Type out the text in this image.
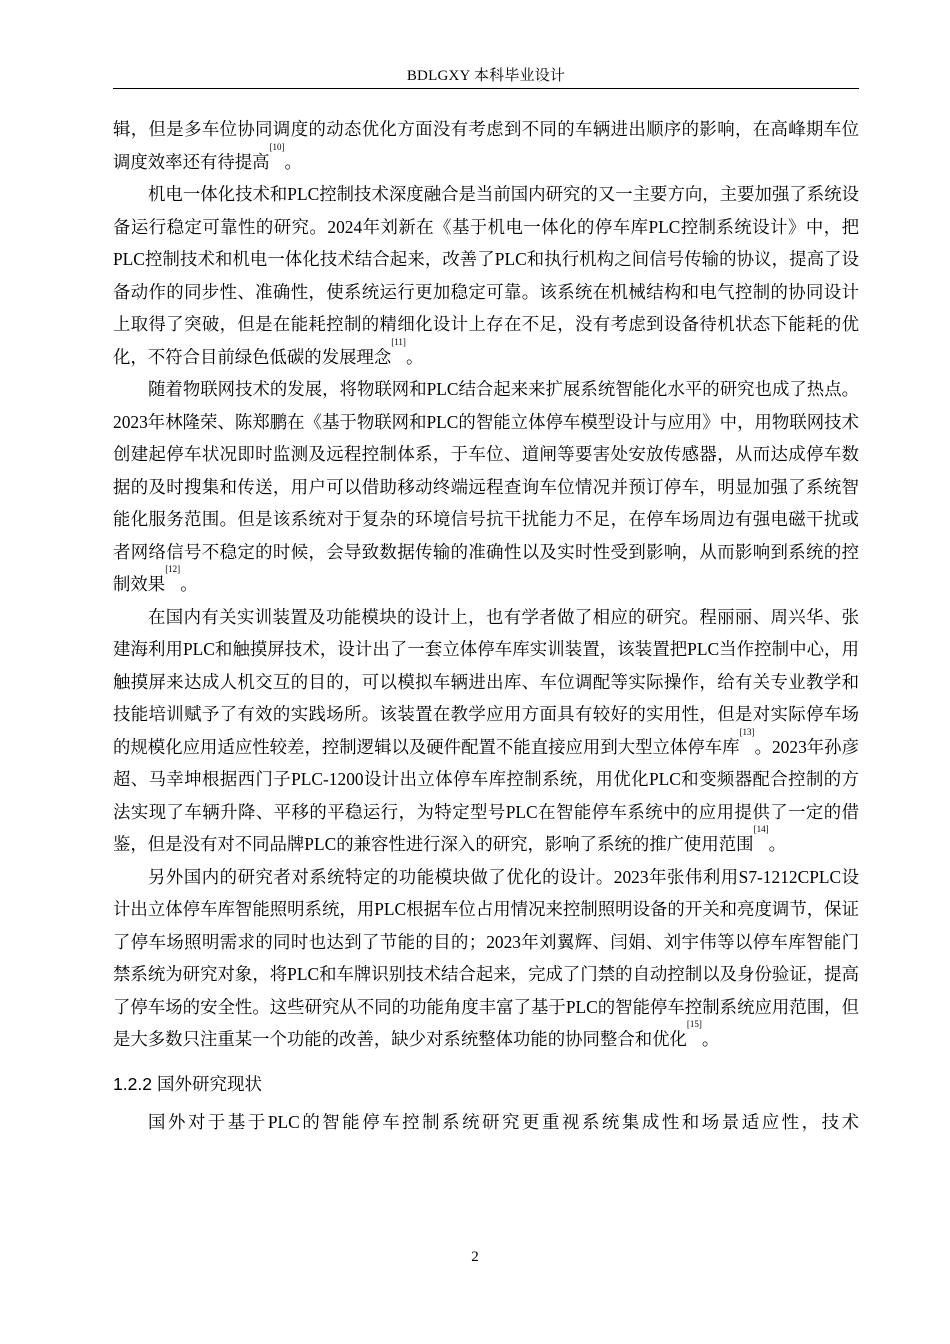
BDLGXY 本科毕业设计

辑，但是多车位协同调度的动态优化方面没有考虑到不同的车辆进出顺序的影响，在高峰期车位调度效率还有待提高[10]。

机电一体化技术和PLC控制技术深度融合是当前国内研究的又一主要方向，主要加强了系统设备运行稳定可靠性的研究。2024年刘新在《基于机电一体化的停车库PLC控制系统设计》中，把PLC控制技术和机电一体化技术结合起来，改善了PLC和执行机构之间信号传输的协议，提高了设备动作的同步性、准确性，使系统运行更加稳定可靠。该系统在机械结构和电气控制的协同设计上取得了突破，但是在能耗控制的精细化设计上存在不足，没有考虑到设备待机状态下能耗的优化，不符合目前绿色低碳的发展理念[11]。

随着物联网技术的发展，将物联网和PLC结合起来来扩展系统智能化水平的研究也成了热点。2023年林隆荣、陈郑鹏在《基于物联网和PLC的智能立体停车模型设计与应用》中，用物联网技术创建起停车状况即时监测及远程控制体系，于车位、道闸等要害处安放传感器，从而达成停车数据的及时搜集和传送，用户可以借助移动终端远程查询车位情况并预订停车，明显加强了系统智能化服务范围。但是该系统对于复杂的环境信号抗干扰能力不足，在停车场周边有强电磁干扰或者网络信号不稳定的时候，会导致数据传输的准确性以及实时性受到影响，从而影响到系统的控制效果[12]。

在国内有关实训装置及功能模块的设计上，也有学者做了相应的研究。程丽丽、周兴华、张建海利用PLC和触摸屏技术，设计出了一套立体停车库实训装置，该装置把PLC当作控制中心，用触摸屏来达成人机交互的目的，可以模拟车辆进出库、车位调配等实际操作，给有关专业教学和技能培训赋予了有效的实践场所。该装置在教学应用方面具有较好的实用性，但是对实际停车场的规模化应用适应性较差，控制逻辑以及硬件配置不能直接应用到大型立体停车库[13]。2023年孙彦超、马幸坤根据西门子PLC-1200设计出立体停车库控制系统，用优化PLC和变频器配合控制的方法实现了车辆升降、平移的平稳运行，为特定型号PLC在智能停车系统中的应用提供了一定的借鉴，但是没有对不同品牌PLC的兼容性进行深入的研究，影响了系统的推广使用范围[14]。

另外国内的研究者对系统特定的功能模块做了优化的设计。2023年张伟利用S7-1212CPLC设计出立体停车库智能照明系统，用PLC根据车位占用情况来控制照明设备的开关和亮度调节，保证了停车场照明需求的同时也达到了节能的目的；2023年刘翼辉、闫娟、刘宇伟等以停车库智能门禁系统为研究对象，将PLC和车牌识别技术结合起来，完成了门禁的自动控制以及身份验证，提高了停车场的安全性。这些研究从不同的功能角度丰富了基于PLC的智能停车控制系统应用范围，但是大多数只注重某一个功能的改善，缺少对系统整体功能的协同整合和优化[15]。

1.2.2 国外研究现状

国外对于基于PLC的智能停车控制系统研究更重视系统集成性和场景适应性，技术

2
